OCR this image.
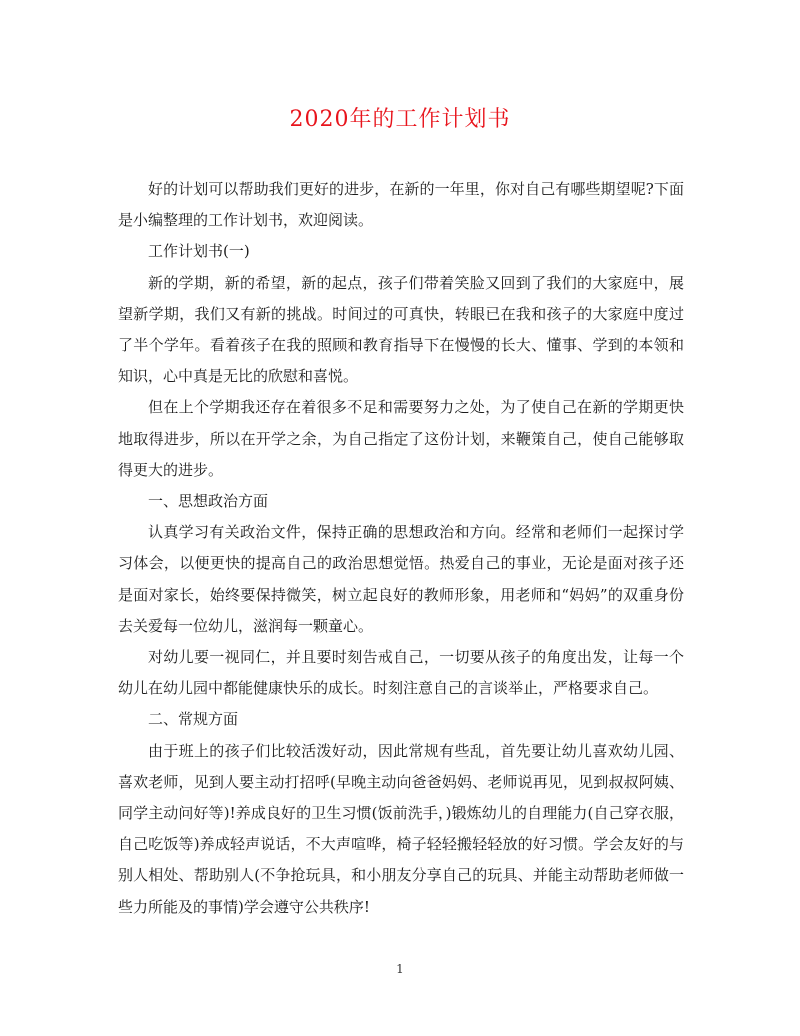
2020年的工作计划书

好的计划可以帮助我们更好的进步，在新的一年里，你对自己有哪些期望呢?下面是小编整理的工作计划书，欢迎阅读。

工作计划书(一)

新的学期，新的希望，新的起点，孩子们带着笑脸又回到了我们的大家庭中，展望新学期，我们又有新的挑战。时间过的可真快，转眼已在我和孩子的大家庭中度过了半个学年。看着孩子在我的照顾和教育指导下在慢慢的长大、懂事、学到的本领和知识，心中真是无比的欣慰和喜悦。

但在上个学期我还存在着很多不足和需要努力之处，为了使自己在新的学期更快地取得进步，所以在开学之余，为自己指定了这份计划，来鞭策自己，使自己能够取得更大的进步。

一、思想政治方面

认真学习有关政治文件，保持正确的思想政治和方向。经常和老师们一起探讨学习体会，以便更快的提高自己的政治思想觉悟。热爱自己的事业，无论是面对孩子还是面对家长，始终要保持微笑，树立起良好的教师形象，用老师和“妈妈”的双重身份去关爱每一位幼儿，滋润每一颗童心。

对幼儿要一视同仁，并且要时刻告戒自己，一切要从孩子的角度出发，让每一个幼儿在幼儿园中都能健康快乐的成长。时刻注意自己的言谈举止，严格要求自己。

二、常规方面

由于班上的孩子们比较活泼好动，因此常规有些乱，首先要让幼儿喜欢幼儿园、喜欢老师，见到人要主动打招呼(早晚主动向爸爸妈妈、老师说再见，见到叔叔阿姨、同学主动问好等)!养成良好的卫生习惯(饭前洗手，)锻炼幼儿的自理能力(自己穿衣服，自己吃饭等)养成轻声说话，不大声喧哗，椅子轻轻搬轻轻放的好习惯。学会友好的与别人相处、帮助别人(不争抢玩具，和小朋友分享自己的玩具、并能主动帮助老师做一些力所能及的事情)学会遵守公共秩序!

1
